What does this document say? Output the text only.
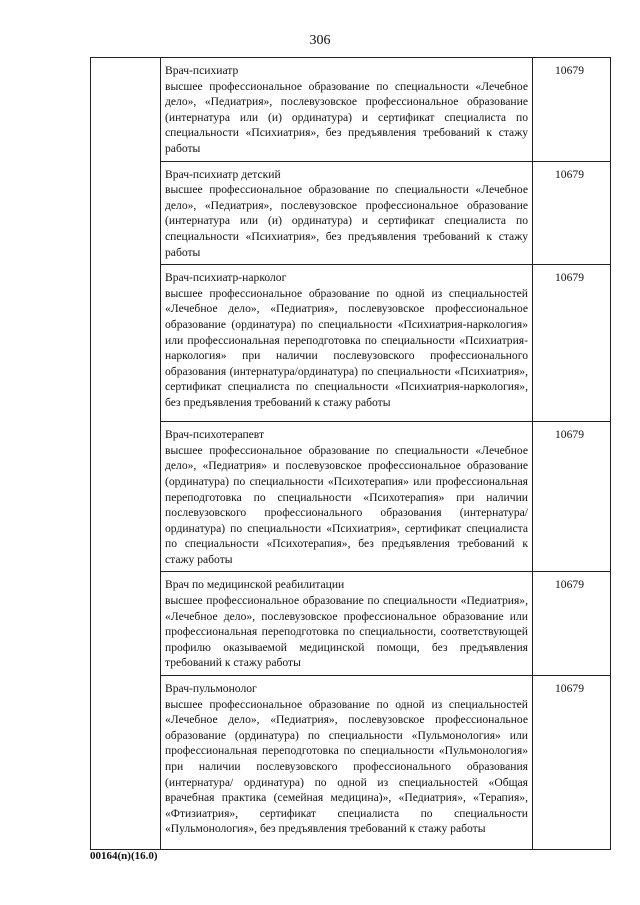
306

	Врач-психиатр
высшее профессиональное образование по специальности «Лечебное дело», «Педиатрия», послевузовское профессиональное образование (интернатура или (и) ординатура) и сертификат специалиста по специальности «Психиатрия», без предъявления требований к стажу работы	10679

	Врач-психиатр детский
высшее профессиональное образование по специальности «Лечебное дело», «Педиатрия», послевузовское профессиональное образование (интернатура или (и) ординатура) и сертификат специалиста по специальности «Психиатрия», без предъявления требований к стажу работы	10679

	Врач-психиатр-нарколог
высшее профессиональное образование по одной из специальностей «Лечебное дело», «Педиатрия», послевузовское профессиональное образование (ординатура) по специальности «Психиатрия-наркология» или профессиональная переподготовка по специальности «Психиатрия-наркология» при наличии послевузовского профессионального образования (интернатура/ординатура) по специальности «Психиатрия», сертификат специалиста по специальности «Психиатрия-наркология», без предъявления требований к стажу работы	10679

	Врач-психотерапевт
высшее профессиональное образование по специальности «Лечебное дело», «Педиатрия» и послевузовское профессиональное образование (ординатура) по специальности «Психотерапия» или профессиональная переподготовка по специальности «Психотерапия» при наличии послевузовского профессионального образования (интернатура/ординатура) по специальности «Психиатрия», сертификат специалиста по специальности «Психотерапия», без предъявления требований к стажу работы	10679

	Врач по медицинской реабилитации
высшее профессиональное образование по специальности «Педиатрия», «Лечебное дело», послевузовское профессиональное образование или профессиональная переподготовка по специальности, соответствующей профилю оказываемой медицинской помощи, без предъявления требований к стажу работы	10679

	Врач-пульмонолог
высшее профессиональное образование по одной из специальностей «Лечебное дело», «Педиатрия», послевузовское профессиональное образование (ординатура) по специальности «Пульмонология» или профессиональная переподготовка по специальности «Пульмонология» при наличии послевузовского профессионального образования (интернатура/ ординатура) по одной из специальностей «Общая врачебная практика (семейная медицина)», «Педиатрия», «Терапия», «Фтизиатрия», сертификат специалиста по специальности «Пульмонология», без предъявления требований к стажу работы	10679
00164(n)(16.0)
